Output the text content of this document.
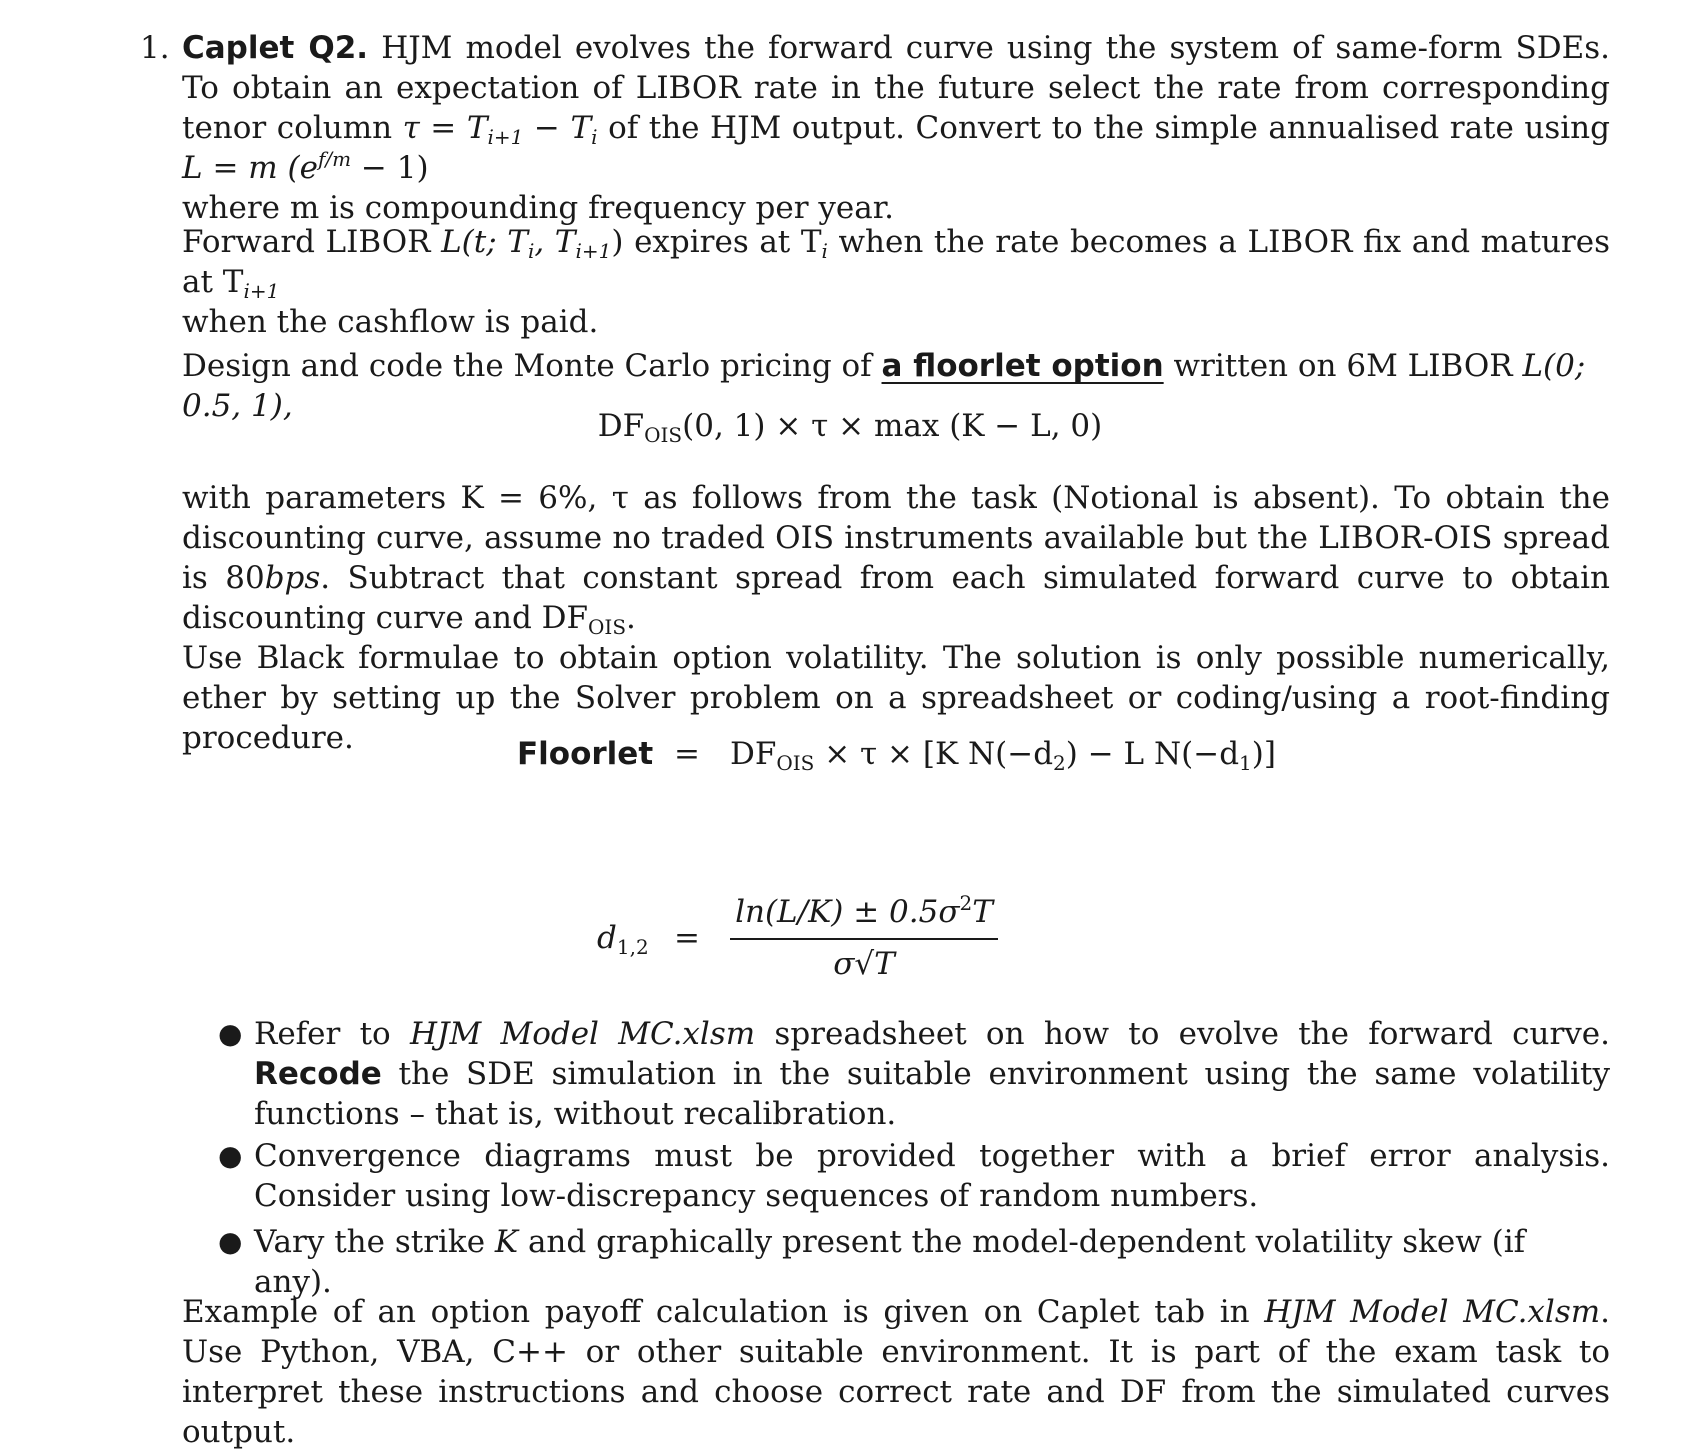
1. Caplet Q2. HJM model evolves the forward curve using the system of same-form SDEs. To obtain an expectation of LIBOR rate in the future select the rate from corresponding tenor column $\tau = T_{i+1} - T_i$ of the HJM output. Convert to the simple annualised rate using L = m $(e^{f/m} - 1)$
where m is compounding frequency per year.
Forward LIBOR L(t; $T_i$, $T_{i+1}$) expires at $T_i$ when the rate becomes a LIBOR fix and matures at $T_{i+1}$
when the cashflow is paid.
Design and code the Monte Carlo pricing of a floorlet option written on 6M LIBOR L(0; 0.5, 1),
$DF_{OIS}(0$, 1) × τ × max (K − L, 0)
with parameters K = 6%, τ as follows from the task (Notional is absent). To obtain the discounting curve, assume no traded OIS instruments available but the LIBOR-OIS spread is 80bps. Subtract that constant spread from each simulated forward curve to obtain discounting curve and $DF_{OIS}$.
Use Black formulae to obtain option volatility. The solution is only possible numerically, ether by setting up the Solver problem on a spreadsheet or coding/using a root-finding procedure.	Floorlet = $DF_{OIS} \times \tau \times [K$ $N(-d_2) - L$ $N(-d_1)$]
$d_{1,2}$ =
$\ln(L/K) \pm 0.5\sigma^2T$
σ√T
● Refer to HJM Model MC.xlsm spreadsheet on how to evolve the forward curve. Recode the SDE simulation in the suitable environment using the same volatility functions – that is, without recalibration.
● Convergence diagrams must be provided together with a brief error analysis. Consider using low-discrepancy sequences of random numbers.
● Vary the strike K and graphically present the model-dependent volatility skew (if any).
Example of an option payoff calculation is given on Caplet tab in HJM Model MC.xlsm. Use Python, VBA, C++ or other suitable environment. It is part of the exam task to interpret these instructions and choose correct rate and DF from the simulated curves output.
